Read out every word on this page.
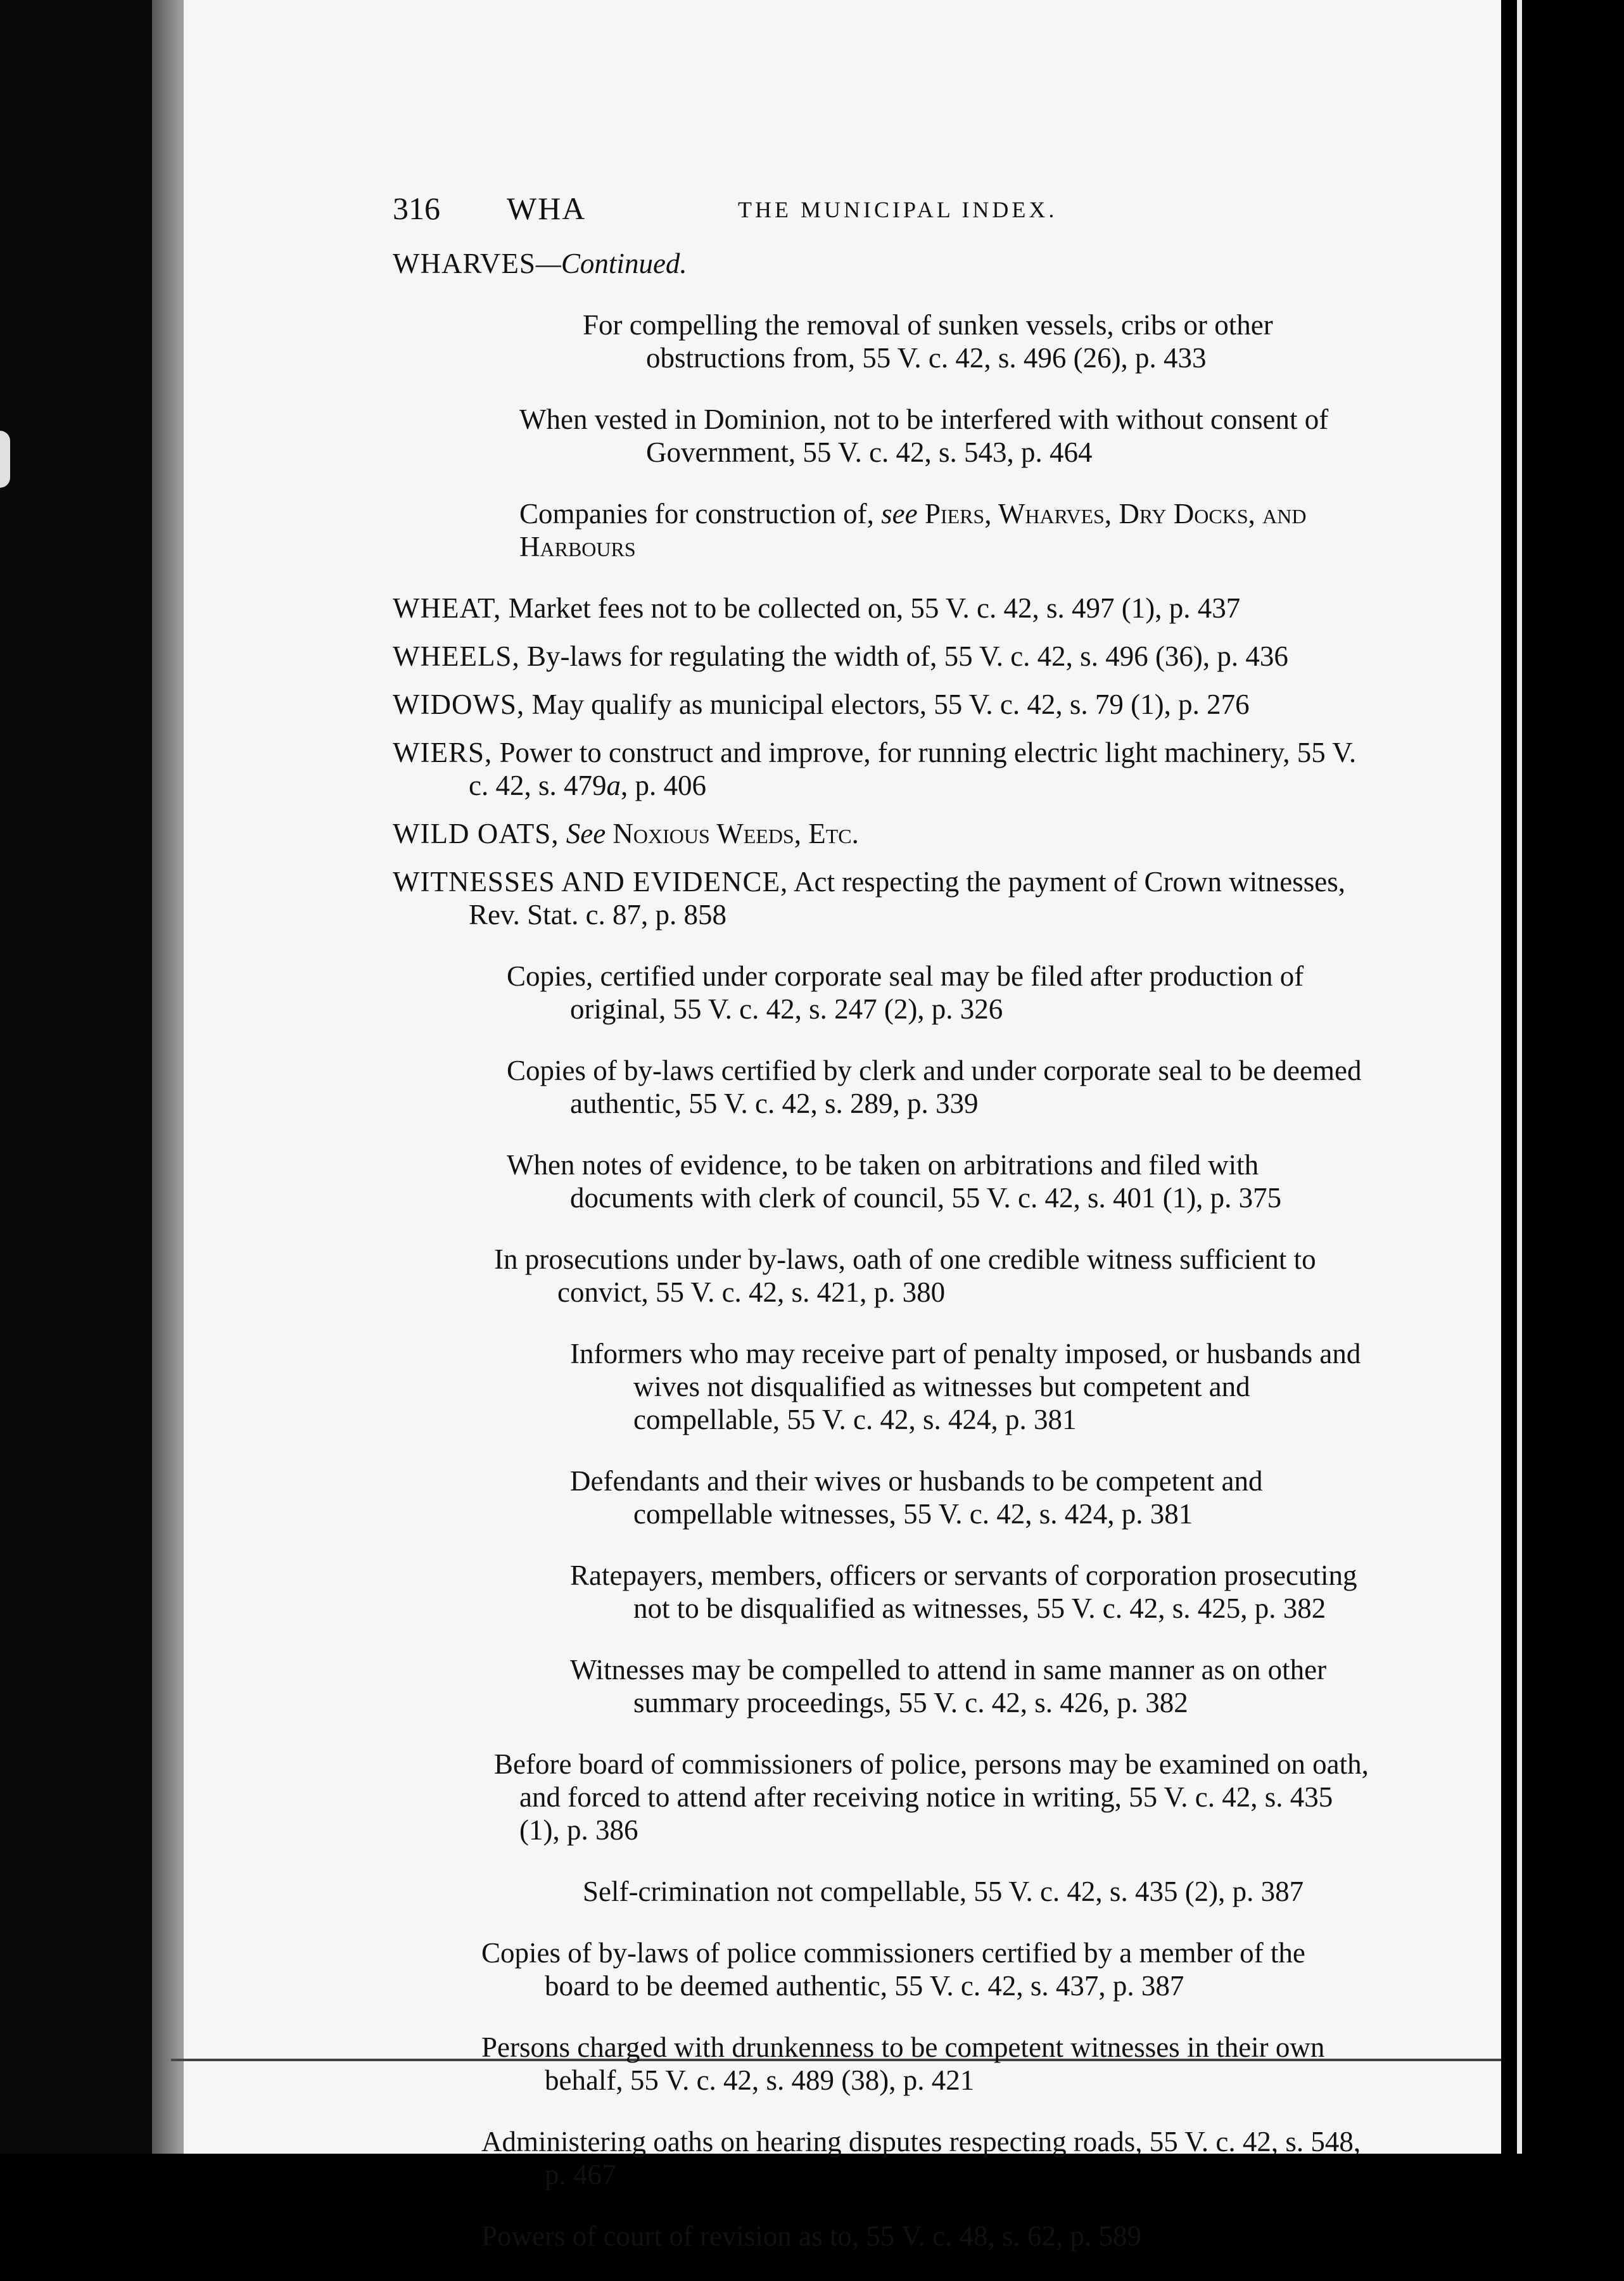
316 WHA	THE MUNICIPAL INDEX.

WHARVES—Continued.

For compelling the removal of sunken vessels, cribs or other obstructions from, 55 V. c. 42, s. 496 (26), p. 433

When vested in Dominion, not to be interfered with without consent of Government, 55 V. c. 42, s. 543, p. 464

Companies for construction of, see Piers, Wharves, Dry Docks, and Harbours

WHEAT, Market fees not to be collected on, 55 V. c. 42, s. 497 (1), p. 437

WHEELS, By-laws for regulating the width of, 55 V. c. 42, s. 496 (36), p. 436

WIDOWS, May qualify as municipal electors, 55 V. c. 42, s. 79 (1), p. 276

WIERS, Power to construct and improve, for running electric light machinery, 55 V. c. 42, s. 479a, p. 406

WILD OATS, See Noxious Weeds, Etc.

WITNESSES AND EVIDENCE, Act respecting the payment of Crown witnesses, Rev. Stat. c. 87, p. 858

Copies, certified under corporate seal may be filed after production of original, 55 V. c. 42, s. 247 (2), p. 326

Copies of by-laws certified by clerk and under corporate seal to be deemed authentic, 55 V. c. 42, s. 289, p. 339

When notes of evidence, to be taken on arbitrations and filed with documents with clerk of council, 55 V. c. 42, s. 401 (1), p. 375

In prosecutions under by-laws, oath of one credible witness sufficient to convict, 55 V. c. 42, s. 421, p. 380

Informers who may receive part of penalty imposed, or husbands and wives not disqualified as witnesses but competent and compellable, 55 V. c. 42, s. 424, p. 381

Defendants and their wives or husbands to be competent and compellable witnesses, 55 V. c. 42, s. 424, p. 381

Ratepayers, members, officers or servants of corporation prosecuting not to be disqualified as witnesses, 55 V. c. 42, s. 425, p. 382

Witnesses may be compelled to attend in same manner as on other summary proceedings, 55 V. c. 42, s. 426, p. 382

Before board of commissioners of police, persons may be examined on oath, and forced to attend after receiving notice in writing, 55 V. c. 42, s. 435 (1), p. 386

Self-crimination not compellable, 55 V. c. 42, s. 435 (2), p. 387

Copies of by-laws of police commissioners certified by a member of the board to be deemed authentic, 55 V. c. 42, s. 437, p. 387

Persons charged with drunkenness to be competent witnesses in their own behalf, 55 V. c. 42, s. 489 (38), p. 421

Administering oaths on hearing disputes respecting roads, 55 V. c. 42, s. 548, p. 467

Powers of court of revision as to, 55 V. c. 48, s. 62, p. 589
